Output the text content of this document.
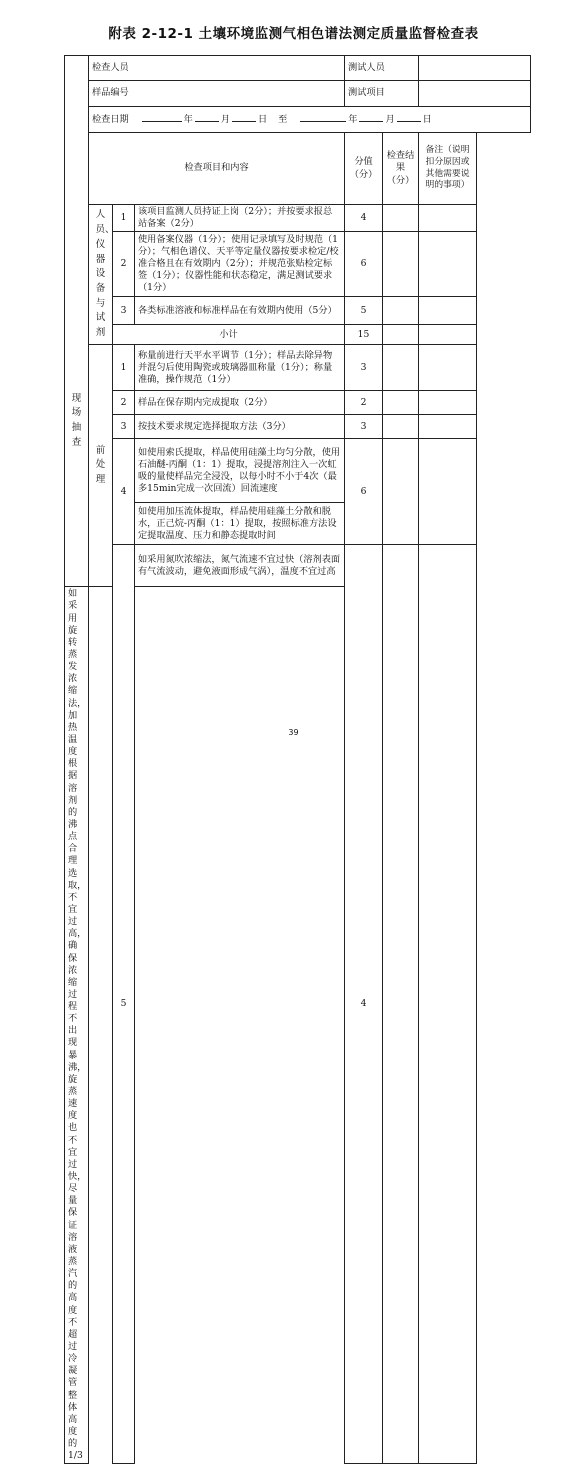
附表 2-12-1 土壤环境监测气相色谱法测定质量监督检查表
现场抽查	检查人员			测试人员		
	样品编号			测试项目		
	检查日期 年 月 日 至 年 月 日					
	检查项目和内容			分值（分）	检查结果（分）	备注（说明扣分原因或其他需要说明的事项）
	人员、仪器设备与试剂	1	该项目监测人员持证上岗（2分）；并按要求报总站备案（2分）	4		
		2	使用备案仪器（1分）；使用记录填写及时规范（1分）；气相色谱仪、天平等定量仪器按要求检定/校准合格且在有效期内（2分）；并规范张贴检定标签（1分）；仪器性能和状态稳定，满足测试要求（1分）	6		
		3	各类标准溶液和标准样品在有效期内使用（5分）	5		
		小计		15		
	前处理	1	称量前进行天平水平调节（1分）；样品去除异物并混匀后使用陶瓷或玻璃器皿称量（1分）；称量准确，操作规范（1分）	3		
		2	样品在保存期内完成提取（2分）	2		
		3	按技术要求规定选择提取方法（3分）	3		
		4	如使用索氏提取，样品使用硅藻土均匀分散，使用石油醚-丙酮（1：1）提取，浸提溶剂注入一次虹吸的量使样品完全浸没，以每小时不小于4次（最多15min完成一次回流）回流速度	6		
			如使用加压流体提取，样品使用硅藻土分散和脱水，正己烷-丙酮（1：1）提取，按照标准方法设定提取温度、压力和静态提取时间			
		5	如采用氮吹浓缩法，氮气流速不宜过快（溶剂表面有气流波动，避免液面形成气涡），温度不宜过高	4		
如采用旋转蒸发浓缩法，加热温度根据溶剂的沸点合理选取，不宜过高，确保浓缩过程不出现暴沸，旋蒸速度也不宜过快，尽量保证溶液蒸汽的高度不超过冷凝管整体高度的1/3						
39
